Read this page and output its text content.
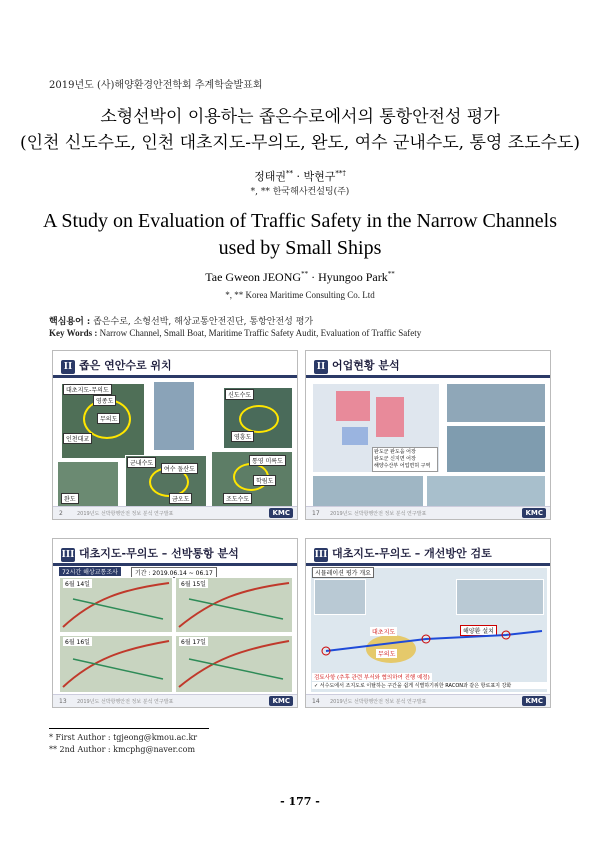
2019년도 (사)해양환경안전학회 추계학술발표회
소형선박이 이용하는 좁은수로에서의 통항안전성 평가
(인천 신도수도, 인천 대초지도-무의도, 완도, 여수 군내수도, 통영 조도수도)
정태권** · 박현구**†
*, ** 한국해사컨설팅(주)
A Study on Evaluation of Traffic Safety in the Narrow Channels used by Small Ships
Tae Gweon JEONG** · Hyungoo Park**
*, ** Korea Maritime Consulting Co. Ltd
핵심용어 : 좁은수로, 소형선박, 해상교통안전진단, 통항안전성 평가
Key Words : Narrow Channel, Small Boat, Maritime Traffic Safety Audit, Evaluation of Traffic Safety
II 좁은 연안수로 위치
대초지도-무의도
신도수도
인천대교
영종도
무의도
영흥도
군내수도
여수 돌산도
통영 미륵도
완도	조도수도
학림도
금오도
2	2019년도 선박항행안전 정보 분석 연구발표	KMC
II 어업현황 분석
완도군 완도읍 어장
완도군 신지면 어장
해양수산부 어업면허 구역
17 2019년도 선박항행안전 정보 분석 연구발표	KMC
III 대초지도-무의도 – 선박통항 분석
72시간 해상교통조사	기간 : 2019.06.14 ~ 06.17
6월 14일	6월 15일
6월 16일	6월 17일
13 2019년도 선박항행안전 정보 분석 연구발표	KMC
III 대초지도-무의도 – 개선방안 검토
시뮬레이션 평가 개요
대초지도
무의도
해양환 설치
검토사항 (추후 관련 부서와 협의하여 진행 예정)
✓ 서수도에서 조지도로 이탈하는 구간을 쉽게 식별하기위한 RACON과 같은 항로표지 강화
14 2019년도 선박항행안전 정보 분석 연구발표	KMC
* First Author : tgjeong@kmou.ac.kr
** 2nd Author : kmcphg@naver.com
- 177 -
